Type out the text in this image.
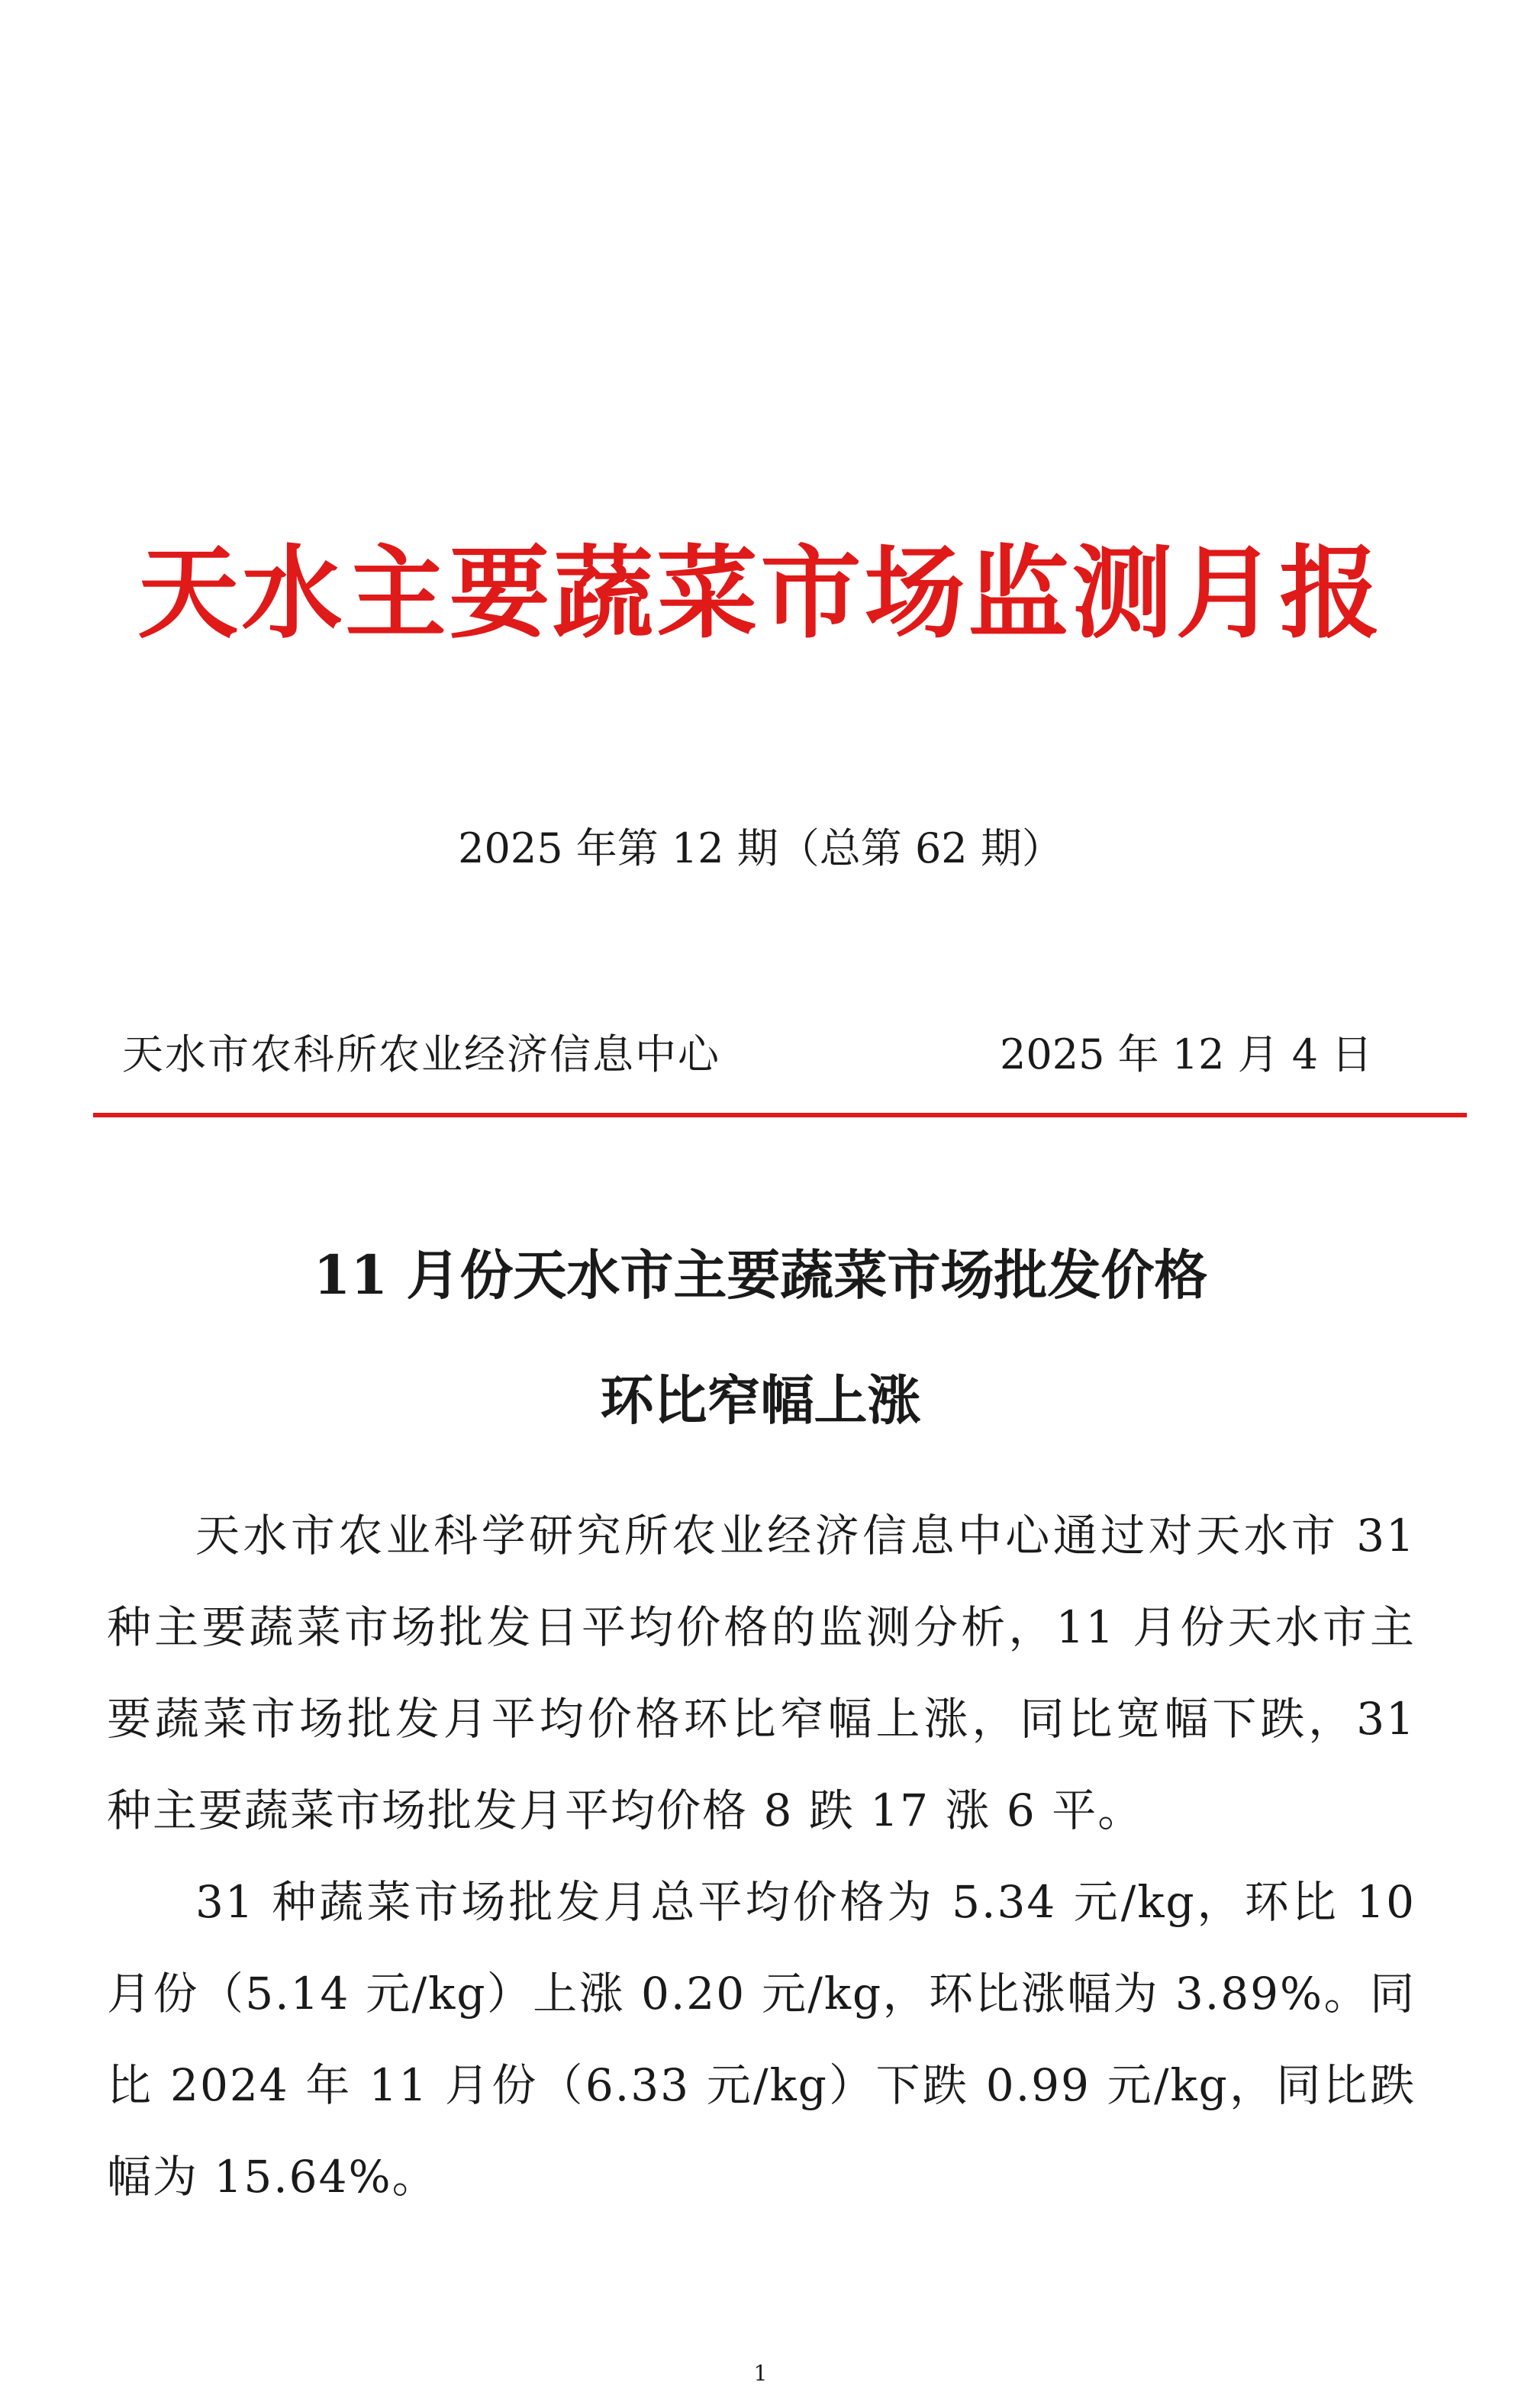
天水主要蔬菜市场监测月报
2025 年第 12 期（总第 62 期）
天水市农科所农业经济信息中心	2025 年 12 月 4 日
11 月份天水市主要蔬菜市场批发价格
环比窄幅上涨

天水市农业科学研究所农业经济信息中心通过对天水市 31 种主要蔬菜市场批发日平均价格的监测分析，11 月份天水市主要蔬菜市场批发月平均价格环比窄幅上涨，同比宽幅下跌，31 种主要蔬菜市场批发月平均价格 8 跌 17 涨 6 平。

31 种蔬菜市场批发月总平均价格为 5.34 元/kg，环比 10 月份（5.14 元/kg）上涨 0.20 元/kg，环比涨幅为 3.89%。同比 2024 年 11 月份（6.33 元/kg）下跌 0.99 元/kg，同比跌幅为 15.64%。

1
